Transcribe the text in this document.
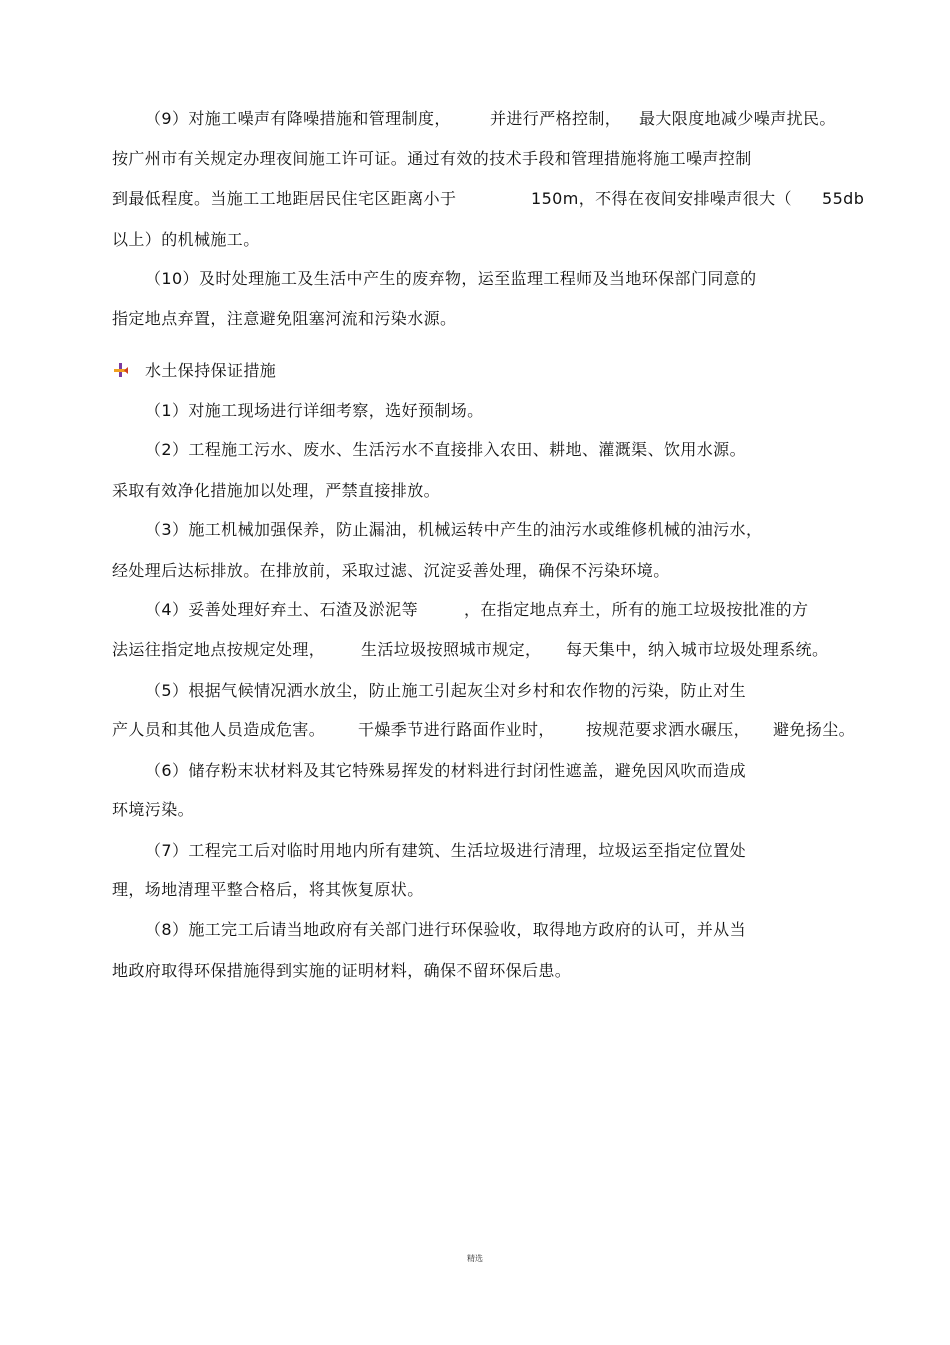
（9）对施工噪声有降噪措施和管理制度， 并进行严格控制， 最大限度地减少噪声扰民。
按广州市有关规定办理夜间施工许可证。通过有效的技术手段和管理措施将施工噪声控制
到最低程度。当施工工地距居民住宅区距离小于	150m，不得在夜间安排噪声很大（ 55db
以上）的机械施工。
（10）及时处理施工及生活中产生的废弃物，运至监理工程师及当地环保部门同意的
指定地点弃置，注意避免阻塞河流和污染水源。
水土保持保证措施
（1）对施工现场进行详细考察，选好预制场。
（2）工程施工污水、废水、生活污水不直接排入农田、耕地、灌溉渠、饮用水源。
采取有效净化措施加以处理，严禁直接排放。
（3）施工机械加强保养，防止漏油，机械运转中产生的油污水或维修机械的油污水，
经处理后达标排放。在排放前，采取过滤、沉淀妥善处理，确保不污染环境。
（4）妥善处理好弃土、石渣及淤泥等	，在指定地点弃土，所有的施工垃圾按批准的方
法运往指定地点按规定处理， 生活垃圾按照城市规定， 每天集中，纳入城市垃圾处理系统。
（5）根据气候情况洒水放尘，防止施工引起灰尘对乡村和农作物的污染，防止对生
产人员和其他人员造成危害。 干燥季节进行路面作业时， 按规范要求洒水碾压， 避免扬尘。
（6）储存粉末状材料及其它特殊易挥发的材料进行封闭性遮盖，避免因风吹而造成
环境污染。
（7）工程完工后对临时用地内所有建筑、生活垃圾进行清理，垃圾运至指定位置处
理，场地清理平整合格后，将其恢复原状。
（8）施工完工后请当地政府有关部门进行环保验收，取得地方政府的认可，并从当
地政府取得环保措施得到实施的证明材料，确保不留环保后患。
精选
